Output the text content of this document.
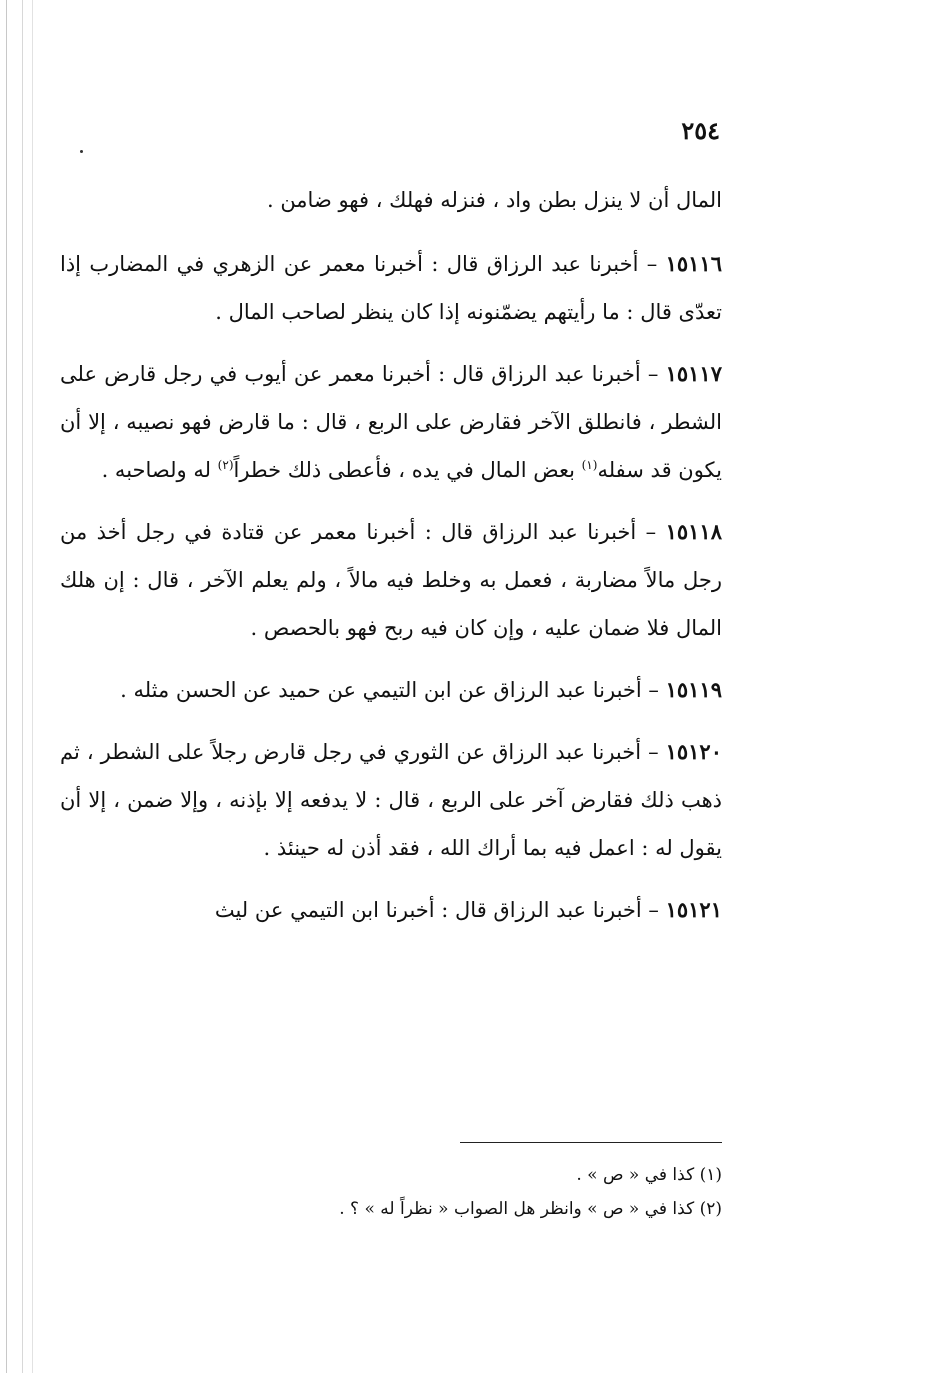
٢٥٤

المال أن لا ينزل بطن واد ، فنزله فهلك ، فهو ضامن .

١٥١١٦ – أخبرنا عبد الرزاق قال : أخبرنا معمر عن الزهري في المضارب إذا تعدّى قال : ما رأيتهم يضمّنونه إذا كان ينظر لصاحب المال .

١٥١١٧ – أخبرنا عبد الرزاق قال : أخبرنا معمر عن أيوب في رجل قارض على الشطر ، فانطلق الآخر فقارض على الربع ، قال : ما قارض فهو نصيبه ، إلا أن يكون قد سفله$^{(١)}$ بعض المال في يده ، فأعطى ذلك خطراً$^{(٢)}$ له ولصاحبه .

١٥١١٨ – أخبرنا عبد الرزاق قال : أخبرنا معمر عن قتادة في رجل أخذ من رجل مالاً مضاربة ، فعمل به وخلط فيه مالاً ، ولم يعلم الآخر ، قال : إن هلك المال فلا ضمان عليه ، وإن كان فيه ربح فهو بالحصص .

١٥١١٩ – أخبرنا عبد الرزاق عن ابن التيمي عن حميد عن الحسن مثله .

١٥١٢٠ – أخبرنا عبد الرزاق عن الثوري في رجل قارض رجلاً على الشطر ، ثم ذهب ذلك فقارض آخر على الربع ، قال : لا يدفعه إلا بإذنه ، وإلا ضمن ، إلا أن يقول له : اعمل فيه بما أراك الله ، فقد أذن له حينئذ .

١٥١٢١ – أخبرنا عبد الرزاق قال : أخبرنا ابن التيمي عن ليث

(١) كذا في « ص » .

(٢) كذا في « ص » وانظر هل الصواب « نظراً له » ؟ .
